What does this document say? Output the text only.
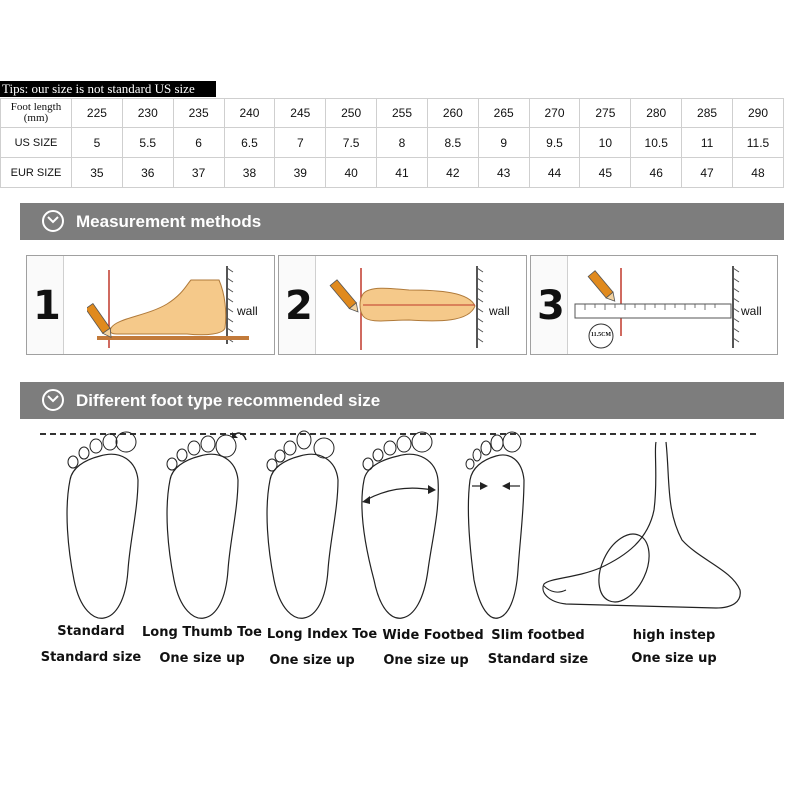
Tips: our size is not standard US size
Foot length
(mm)	225	230	235	240	245	250	255	260	265	270	275	280	285	290
US SIZE	5	5.5	6	6.5	7	7.5	8	8.5	9	9.5	10	10.5	11	11.5
EUR SIZE	35	36	37	38	39	40	41	42	43	44	45	46	47	48
Measurement methods
1	wall 2	wall 3
11.5CM
wall
Different foot type recommended size
Standard
Standard size
Long Thumb Toe
One size up
Long Index Toe
One size up
Wide Footbed
One size up
Slim footbed
Standard size
high instep
One size up
